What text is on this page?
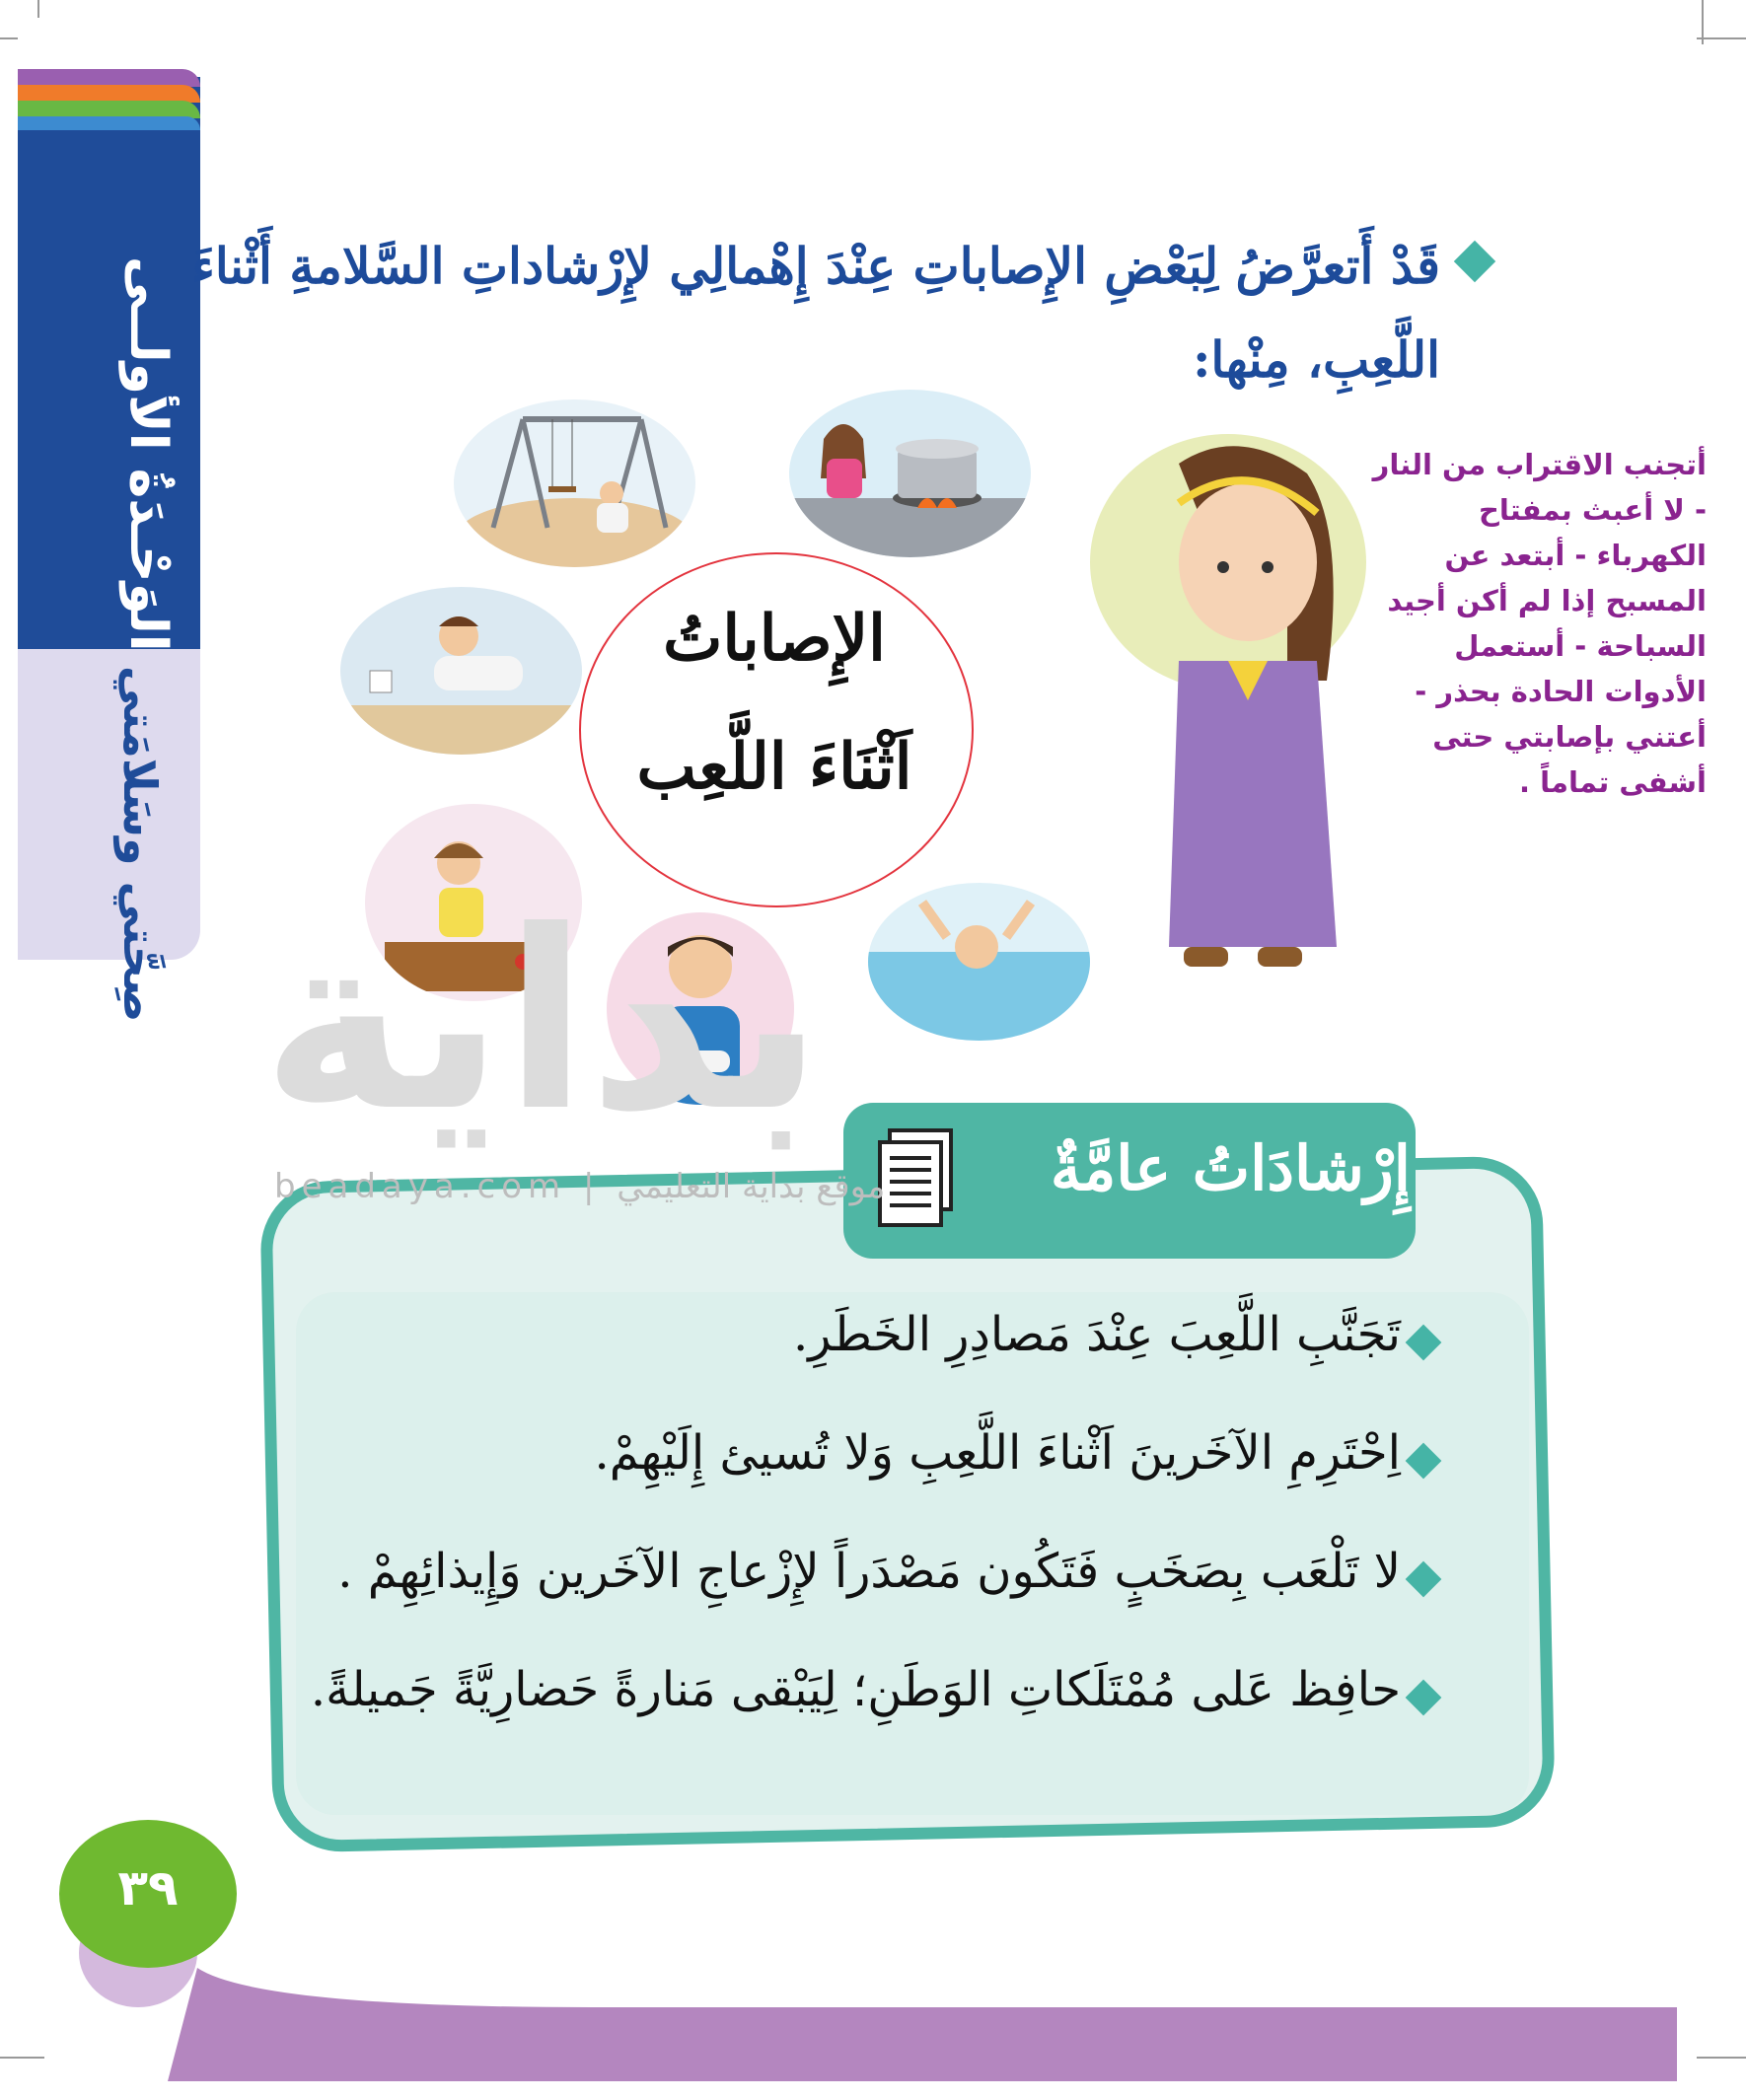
الوَحْـدَةُ الأولــى
صِحَّتي وسَلامَتي
قَدْ أَتعرَّضُ لِبَعْضِ الإِصاباتِ عِنْدَ إِهْمالِي لإِرْشاداتِ السَّلامةِ أَثْناءَ
اللَّعِبِ، مِنْها:
الإِصاباتُ
اَثْنَاءَ اللَّعِب
أتجنب الاقتراب من النار - لا أعبث بمفتاح الكهرباء - أبتعد عن المسبح إذا لم أكن أجيد السباحة - أستعمل الأدوات الحادة بحذر - أعتني بإصابتي حتى أشفى تماماً .
بداية
إِرْشادَاتُ عامَّةٌ
beadaya.com | موقع بداية التعليمي
تَجَنَّبِ اللَّعِبَ عِنْدَ مَصادِرِ الخَطَرِ.
اِحْتَرِمِ الآخَرينَ اَثْناءَ اللَّعِبِ وَلا تُسيئ إِلَيْهِمْ.
لا تَلْعَب بِصَخَبٍ فَتَكُون مَصْدَراً لإِزْعاجِ الآخَرين وَإِيذائِهِمْ .
حافِظ عَلى مُمْتَلَكاتِ الوَطَنِ؛ لِيَبْقى مَنارةً حَضارِيَّةً جَميلةً.
٣٩
